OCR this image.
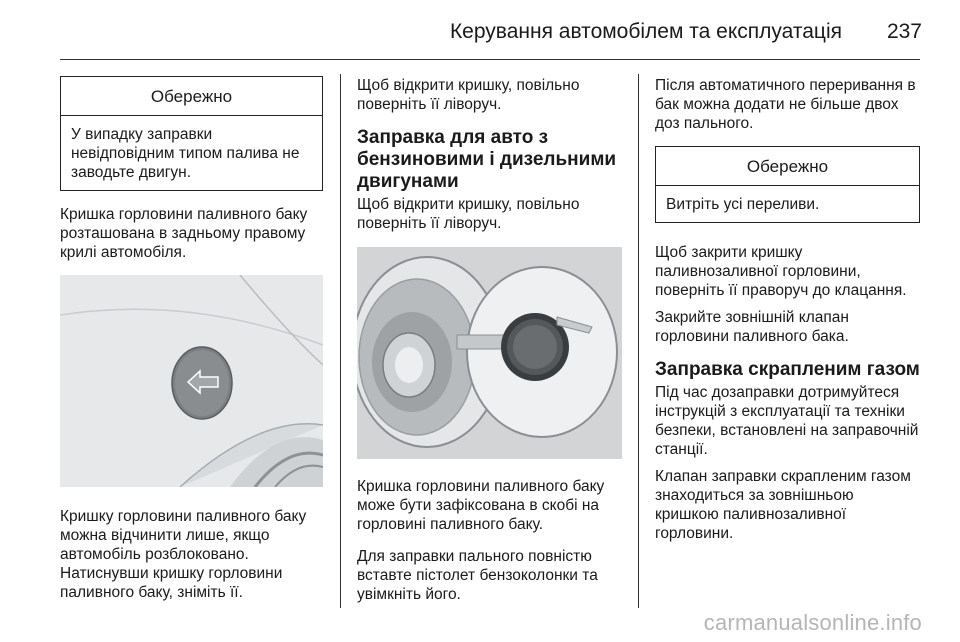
Керування автомобілем та експлуатація 237
Обережно
У випадку заправки невідповідним типом палива не заводьте двигун.

Кришка горловини паливного баку розташована в задньому правому крилі автомобіля.

Кришку горловини паливного баку можна відчинити лише, якщо автомобіль розблоковано. Натиснувши кришку горловини паливного баку, зніміть її.

Щоб відкрити кришку, повільно поверніть її ліворуч.

Заправка для авто з бензиновими і дизельними двигунами

Щоб відкрити кришку, повільно поверніть її ліворуч.

Кришка горловини паливного баку може бути зафіксована в скобі на горловині паливного баку.

Для заправки пального повністю вставте пістолет бензоколонки та увімкніть його.

Після автоматичного переривання в бак можна додати не більше двох доз пального.

Обережно
Витріть усі переливи.

Щоб закрити кришку паливнозаливної горловини, поверніть її праворуч до клацання.

Закрийте зовнішній клапан горловини паливного бака.

Заправка скрапленим газом

Під час дозаправки дотримуйтеся інструкцій з експлуатації та техніки безпеки, встановлені на заправочній станції.

Клапан заправки скрапленим газом знаходиться за зовнішньою кришкою паливнозаливної горловини.

carmanualsonline.info
